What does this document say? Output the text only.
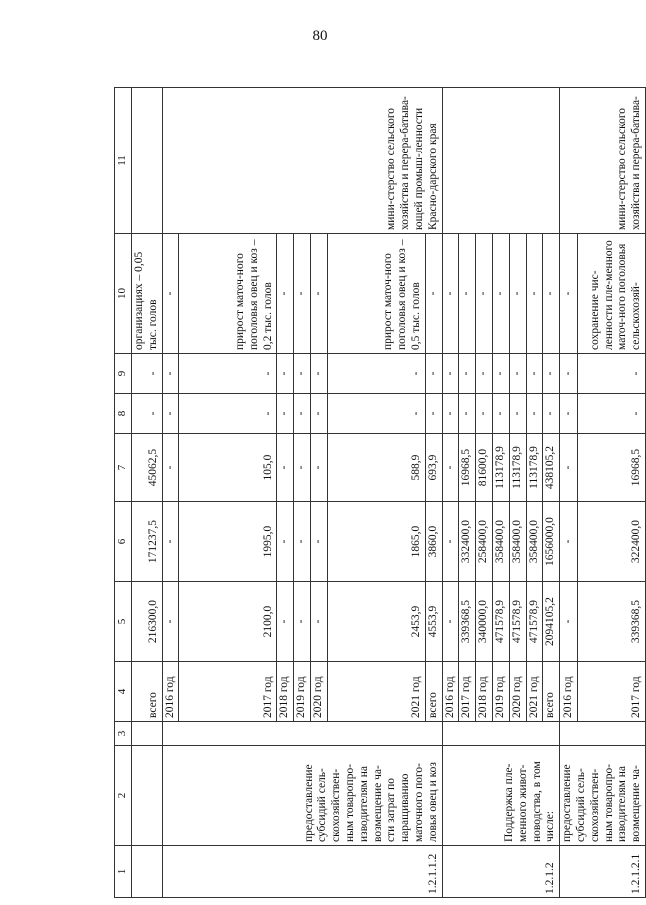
80
1	2	3	4	5	6	7	8	9	10	11
			всего	216300,0	171237,5	45062,5	-	-	организациях – 0,05 тыс. голов	
1.2.1.1.2	предоставление субсидий сель-скохозяйствен-ным товаропро-изводителям на возмещение ча-сти затрат по наращиванию маточного пого-ловья овец и коз		2016 год	-	-	-	-	-	-	мини-стерство сельского хозяйства и перера-батыва-ющей промыш-ленности Красно-дарского края
			2017 год	2100,0	1995,0	105,0	-	-	прирост маточ-ного поголовья овец и коз – 0,2 тыс. голов	
			2018 год	-	-	-	-	-	-	
			2019 год	-	-	-	-	-	-	
			2020 год	-	-	-	-	-	-	
			2021 год	2453,9	1865,0	588,9	-	-	прирост маточ-ного поголовья овец и коз – 0,5 тыс. голов	
			всего	4553,9	3860,0	693,9	-	-	-	
1.2.1.2	Поддержка пле-менного живот-новодства, в том числе:		2016 год	-	-	-	-	-	-	
			2017 год	339368,5	332400,0	16968,5	-	-	-	
			2018 год	340000,0	258400,0	81600,0	-	-	-	
			2019 год	471578,9	358400,0	113178,9	-	-	-	
			2020 год	471578,9	358400,0	113178,9	-	-	-	
			2021 год	471578,9	358400,0	113178,9	-	-	-	
			всего	2094105,2	1656000,0	438105,2	-	-	-	
1.2.1.2.1	предоставление субсидий сель-скохозяйствен-ным товаропро-изводителям на возмещение ча-		2016 год	-	-	-	-	-	-	мини-стерство сельского хозяйства и перера-батыва-
			2017 год	339368,5	322400,0	16968,5	-	-	сохранение чис-ленности пле-менного маточ-ного поголовья сельскохозяй-	
